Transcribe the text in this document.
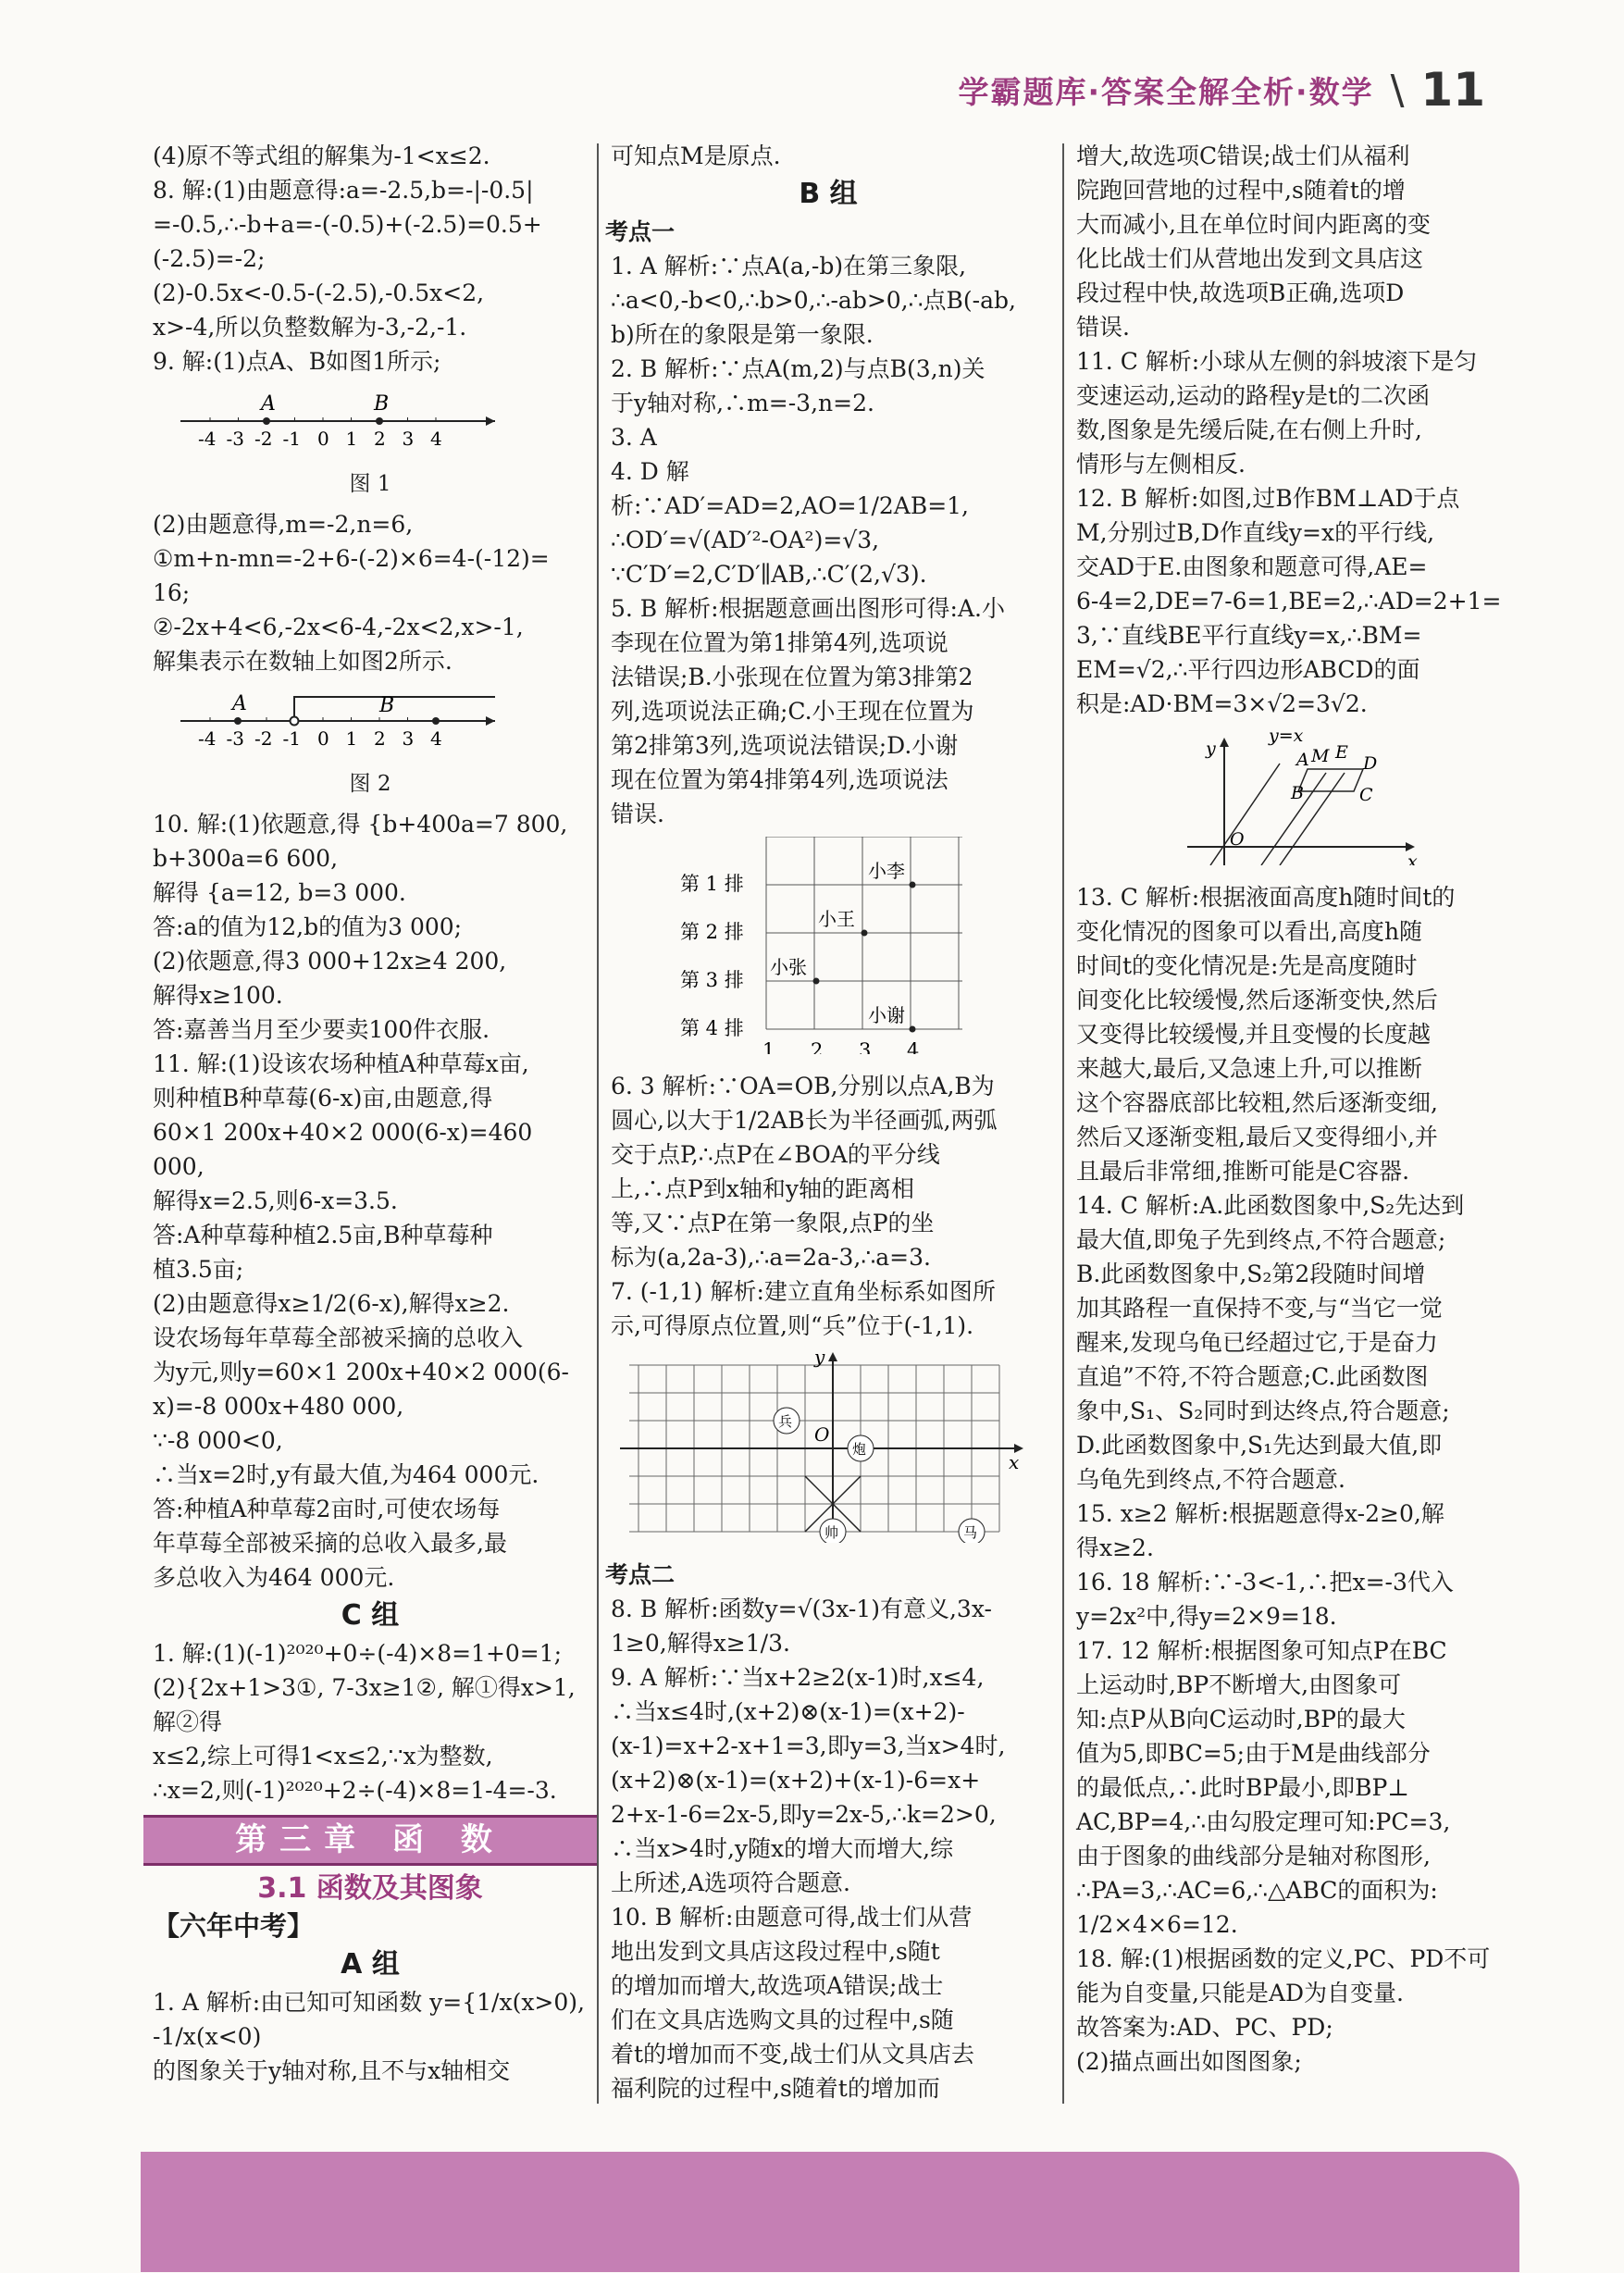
学霸题库·答案全解全析·数学 \ 11
(4)原不等式组的解集为-1<x≤2.
8. 解:(1)由题意得:a=-2.5,b=-|-0.5|
=-0.5,∴-b+a=-(-0.5)+(-2.5)=0.5+
(-2.5)=-2;
(2)-0.5x<-0.5-(-2.5),-0.5x<2,
x>-4,所以负整数解为-3,-2,-1.
9. 解:(1)点A、B如图1所示;
-4 -3 -2 -1 0 1 2 3 4
A	B
图 1
(2)由题意得,m=-2,n=6,
①m+n-mn=-2+6-(-2)×6=4-(-12)=
16;
②-2x+4<6,-2x<6-4,-2x<2,x>-1,
解集表示在数轴上如图2所示.
-4 -3 -2 -1 0 1 2 3 4
A	B
图 2
10. 解:(1)依题意,得 {b+400a=7 800, b+300a=6 600,
解得 {a=12, b=3 000.
答:a的值为12,b的值为3 000;
(2)依题意,得3 000+12x≥4 200,
解得x≥100.
答:嘉善当月至少要卖100件衣服.
11. 解:(1)设该农场种植A种草莓x亩,
则种植B种草莓(6-x)亩,由题意,得
60×1 200x+40×2 000(6-x)=460 000,
解得x=2.5,则6-x=3.5.
答:A种草莓种植2.5亩,B种草莓种
植3.5亩;
(2)由题意得x≥1/2(6-x),解得x≥2.
设农场每年草莓全部被采摘的总收入
为y元,则y=60×1 200x+40×2 000(6-
x)=-8 000x+480 000,
∵-8 000<0,
∴当x=2时,y有最大值,为464 000元.
答:种植A种草莓2亩时,可使农场每
年草莓全部被采摘的总收入最多,最
多总收入为464 000元.
C 组
1. 解:(1)(-1)²⁰²⁰+0÷(-4)×8=1+0=1;
(2){2x+1>3①, 7-3x≥1②, 解①得x>1,解②得
x≤2,综上可得1<x≤2,∵x为整数,
∴x=2,则(-1)²⁰²⁰+2÷(-4)×8=1-4=-3.
第三章 函 数
3.1 函数及其图象
【六年中考】
A 组
1. A 解析:由已知可知函数 y={1/x(x>0), -1/x(x<0)
的图象关于y轴对称,且不与x轴相交
可知点M是原点.
B 组
考点一
1. A 解析:∵点A(a,-b)在第三象限,
∴a<0,-b<0,∴b>0,∴-ab>0,∴点B(-ab,
b)所在的象限是第一象限.
2. B 解析:∵点A(m,2)与点B(3,n)关
于y轴对称,∴m=-3,n=2.
3. A
4. D 解析:∵AD′=AD=2,AO=1/2AB=1,
∴OD′=√(AD′²-OA²)=√3,
∵C′D′=2,C′D′∥AB,∴C′(2,√3).
5. B 解析:根据题意画出图形可得:A.小
李现在位置为第1排第4列,选项说
法错误;B.小张现在位置为第3排第2
列,选项说法正确;C.小王现在位置为
第2排第3列,选项说法错误;D.小谢
现在位置为第4排第4列,选项说法
错误.
第 1 排
第 2 排
第 3 排
第 4 排
1 2 3 4
小李
小王
小张
小谢
6. 3 解析:∵OA=OB,分别以点A,B为
圆心,以大于1/2AB长为半径画弧,两弧
交于点P,∴点P在∠BOA的平分线
上,∴点P到x轴和y轴的距离相
等,又∵点P在第一象限,点P的坐
标为(a,2a-3),∴a=2a-3,∴a=3.
7. (-1,1) 解析:建立直角坐标系如图所
示,可得原点位置,则“兵”位于(-1,1).
x
y
O
兵
炮
帅	马
考点二
8. B 解析:函数y=√(3x-1)有意义,3x-
1≥0,解得x≥1/3.
9. A 解析:∵当x+2≥2(x-1)时,x≤4,
∴当x≤4时,(x+2)⊗(x-1)=(x+2)-
(x-1)=x+2-x+1=3,即y=3,当x>4时,
(x+2)⊗(x-1)=(x+2)+(x-1)-6=x+
2+x-1-6=2x-5,即y=2x-5,∴k=2>0,
∴当x>4时,y随x的增大而增大,综
上所述,A选项符合题意.
10. B 解析:由题意可得,战士们从营
地出发到文具店这段过程中,s随t
的增加而增大,故选项A错误;战士
们在文具店选购文具的过程中,s随
着t的增加而不变,战士们从文具店去
福利院的过程中,s随着t的增加而
增大,故选项C错误;战士们从福利
院跑回营地的过程中,s随着t的增
大而减小,且在单位时间内距离的变
化比战士们从营地出发到文具店这
段过程中快,故选项B正确,选项D
错误.
11. C 解析:小球从左侧的斜坡滚下是匀
变速运动,运动的路程y是t的二次函
数,图象是先缓后陡,在右侧上升时,
情形与左侧相反.
12. B 解析:如图,过B作BM⊥AD于点
M,分别过B,D作直线y=x的平行线,
交AD于E.由图象和题意可得,AE=
6-4=2,DE=7-6=1,BE=2,∴AD=2+1=
3,∵直线BE平行直线y=x,∴BM=
EM=√2,∴平行四边形ABCD的面
积是:AD·BM=3×√2=3√2.
y
y=x
A M E
D
B	C
O
x
13. C 解析:根据液面高度h随时间t的
变化情况的图象可以看出,高度h随
时间t的变化情况是:先是高度随时
间变化比较缓慢,然后逐渐变快,然后
又变得比较缓慢,并且变慢的长度越
来越大,最后,又急速上升,可以推断
这个容器底部比较粗,然后逐渐变细,
然后又逐渐变粗,最后又变得细小,并
且最后非常细,推断可能是C容器.
14. C 解析:A.此函数图象中,S₂先达到
最大值,即兔子先到终点,不符合题意;
B.此函数图象中,S₂第2段随时间增
加其路程一直保持不变,与“当它一觉
醒来,发现乌龟已经超过它,于是奋力
直追”不符,不符合题意;C.此函数图
象中,S₁、S₂同时到达终点,符合题意;
D.此函数图象中,S₁先达到最大值,即
乌龟先到终点,不符合题意.
15. x≥2 解析:根据题意得x-2≥0,解
得x≥2.
16. 18 解析:∵-3<-1,∴把x=-3代入
y=2x²中,得y=2×9=18.
17. 12 解析:根据图象可知点P在BC
上运动时,BP不断增大,由图象可
知:点P从B向C运动时,BP的最大
值为5,即BC=5;由于M是曲线部分
的最低点,∴此时BP最小,即BP⊥
AC,BP=4,∴由勾股定理可知:PC=3,
由于图象的曲线部分是轴对称图形,
∴PA=3,∴AC=6,∴△ABC的面积为:
1/2×4×6=12.
18. 解:(1)根据函数的定义,PC、PD不可
能为自变量,只能是AD为自变量.
故答案为:AD、PC、PD;
(2)描点画出如图图象;
